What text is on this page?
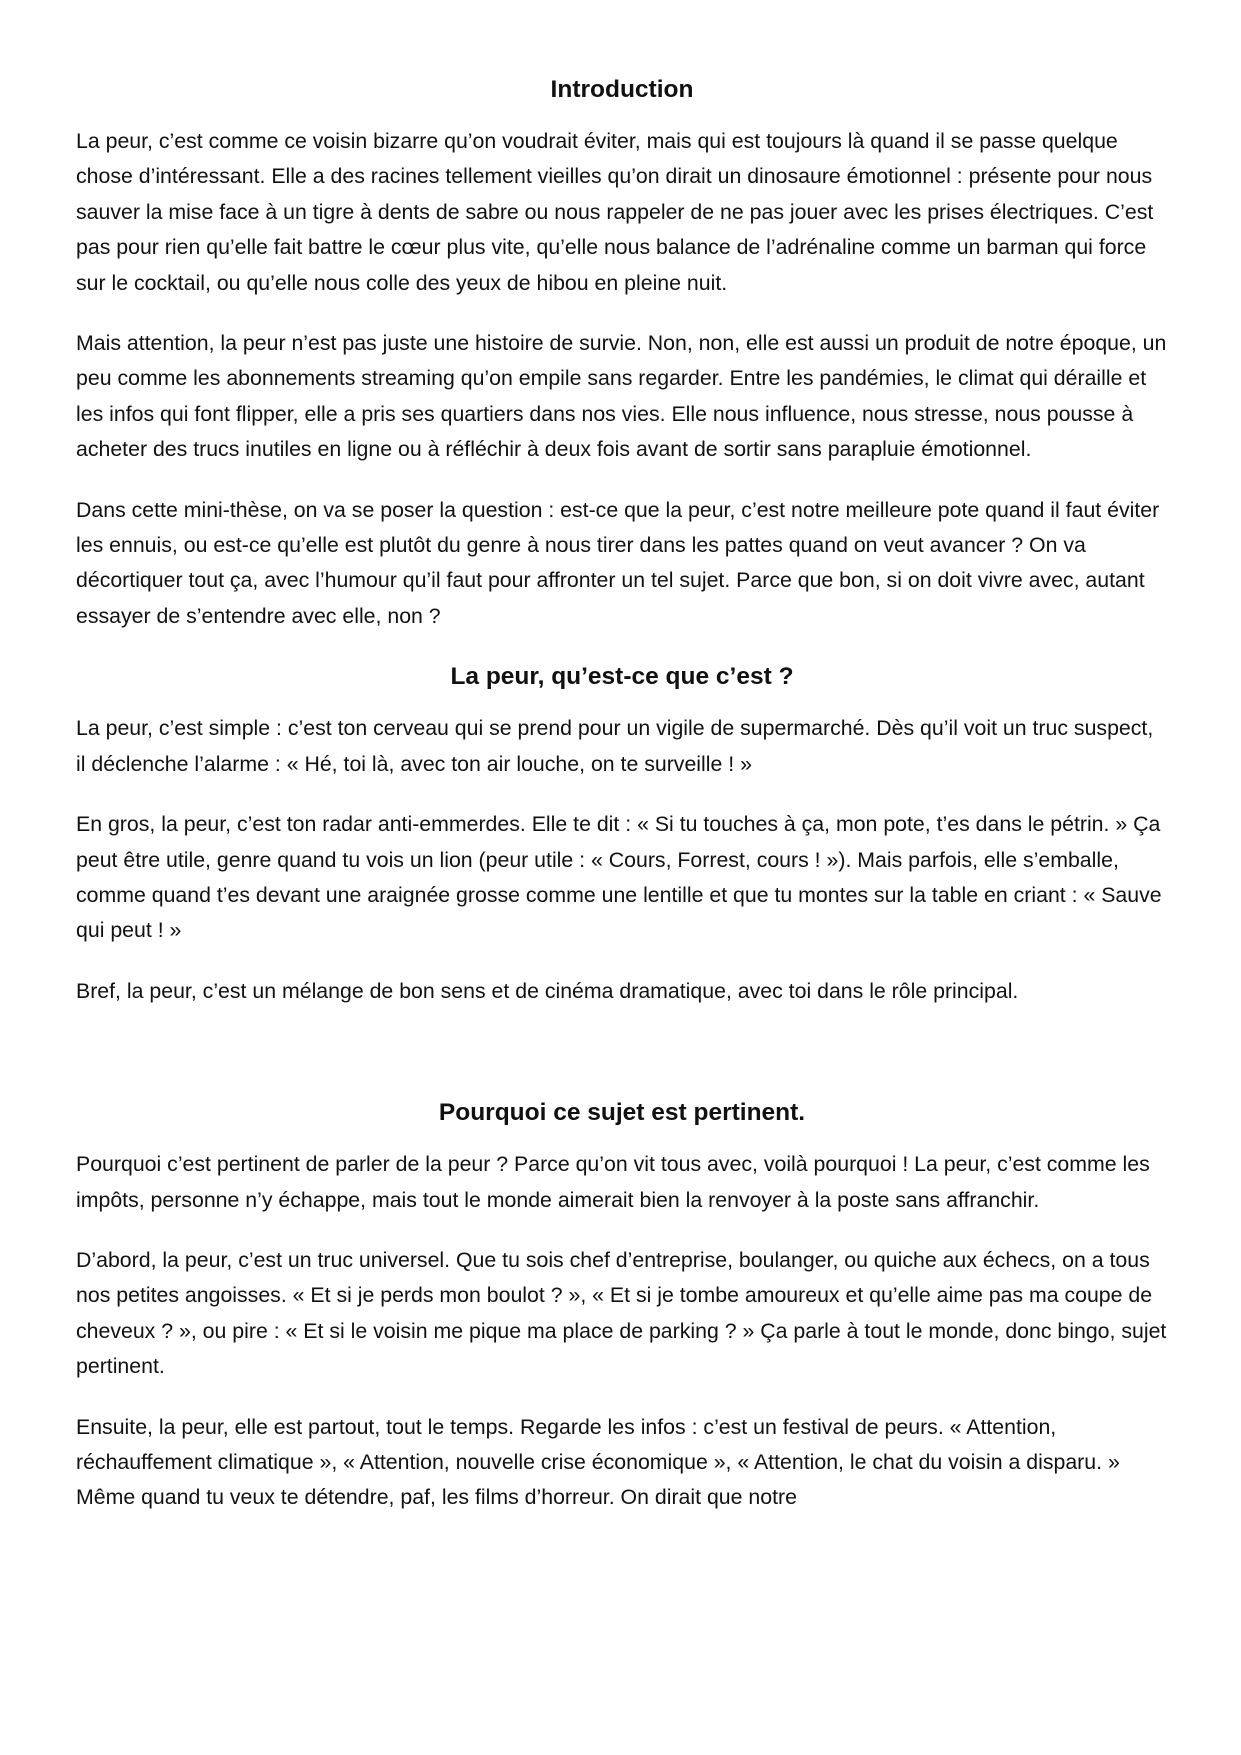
Introduction

La peur, c’est comme ce voisin bizarre qu’on voudrait éviter, mais qui est toujours là quand il se passe quelque chose d’intéressant. Elle a des racines tellement vieilles qu’on dirait un dinosaure émotionnel : présente pour nous sauver la mise face à un tigre à dents de sabre ou nous rappeler de ne pas jouer avec les prises électriques. C’est pas pour rien qu’elle fait battre le cœur plus vite, qu’elle nous balance de l’adrénaline comme un barman qui force sur le cocktail, ou qu’elle nous colle des yeux de hibou en pleine nuit.

Mais attention, la peur n’est pas juste une histoire de survie. Non, non, elle est aussi un produit de notre époque, un peu comme les abonnements streaming qu’on empile sans regarder. Entre les pandémies, le climat qui déraille et les infos qui font flipper, elle a pris ses quartiers dans nos vies. Elle nous influence, nous stresse, nous pousse à acheter des trucs inutiles en ligne ou à réfléchir à deux fois avant de sortir sans parapluie émotionnel.

Dans cette mini-thèse, on va se poser la question : est-ce que la peur, c’est notre meilleure pote quand il faut éviter les ennuis, ou est-ce qu’elle est plutôt du genre à nous tirer dans les pattes quand on veut avancer ? On va décortiquer tout ça, avec l’humour qu’il faut pour affronter un tel sujet. Parce que bon, si on doit vivre avec, autant essayer de s’entendre avec elle, non ?

La peur, qu’est-ce que c’est ?

La peur, c’est simple : c’est ton cerveau qui se prend pour un vigile de supermarché. Dès qu’il voit un truc suspect, il déclenche l’alarme : « Hé, toi là, avec ton air louche, on te surveille ! »

En gros, la peur, c’est ton radar anti-emmerdes. Elle te dit : « Si tu touches à ça, mon pote, t’es dans le pétrin. » Ça peut être utile, genre quand tu vois un lion (peur utile : « Cours, Forrest, cours ! »). Mais parfois, elle s’emballe, comme quand t’es devant une araignée grosse comme une lentille et que tu montes sur la table en criant : « Sauve qui peut ! »

Bref, la peur, c’est un mélange de bon sens et de cinéma dramatique, avec toi dans le rôle principal.

Pourquoi ce sujet est pertinent.

Pourquoi c’est pertinent de parler de la peur ? Parce qu’on vit tous avec, voilà pourquoi ! La peur, c’est comme les impôts, personne n’y échappe, mais tout le monde aimerait bien la renvoyer à la poste sans affranchir.

D’abord, la peur, c’est un truc universel. Que tu sois chef d’entreprise, boulanger, ou quiche aux échecs, on a tous nos petites angoisses. « Et si je perds mon boulot ? », « Et si je tombe amoureux et qu’elle aime pas ma coupe de cheveux ? », ou pire : « Et si le voisin me pique ma place de parking ? » Ça parle à tout le monde, donc bingo, sujet pertinent.

Ensuite, la peur, elle est partout, tout le temps. Regarde les infos : c’est un festival de peurs. « Attention, réchauffement climatique », « Attention, nouvelle crise économique », « Attention, le chat du voisin a disparu. » Même quand tu veux te détendre, paf, les films d’horreur. On dirait que notre
